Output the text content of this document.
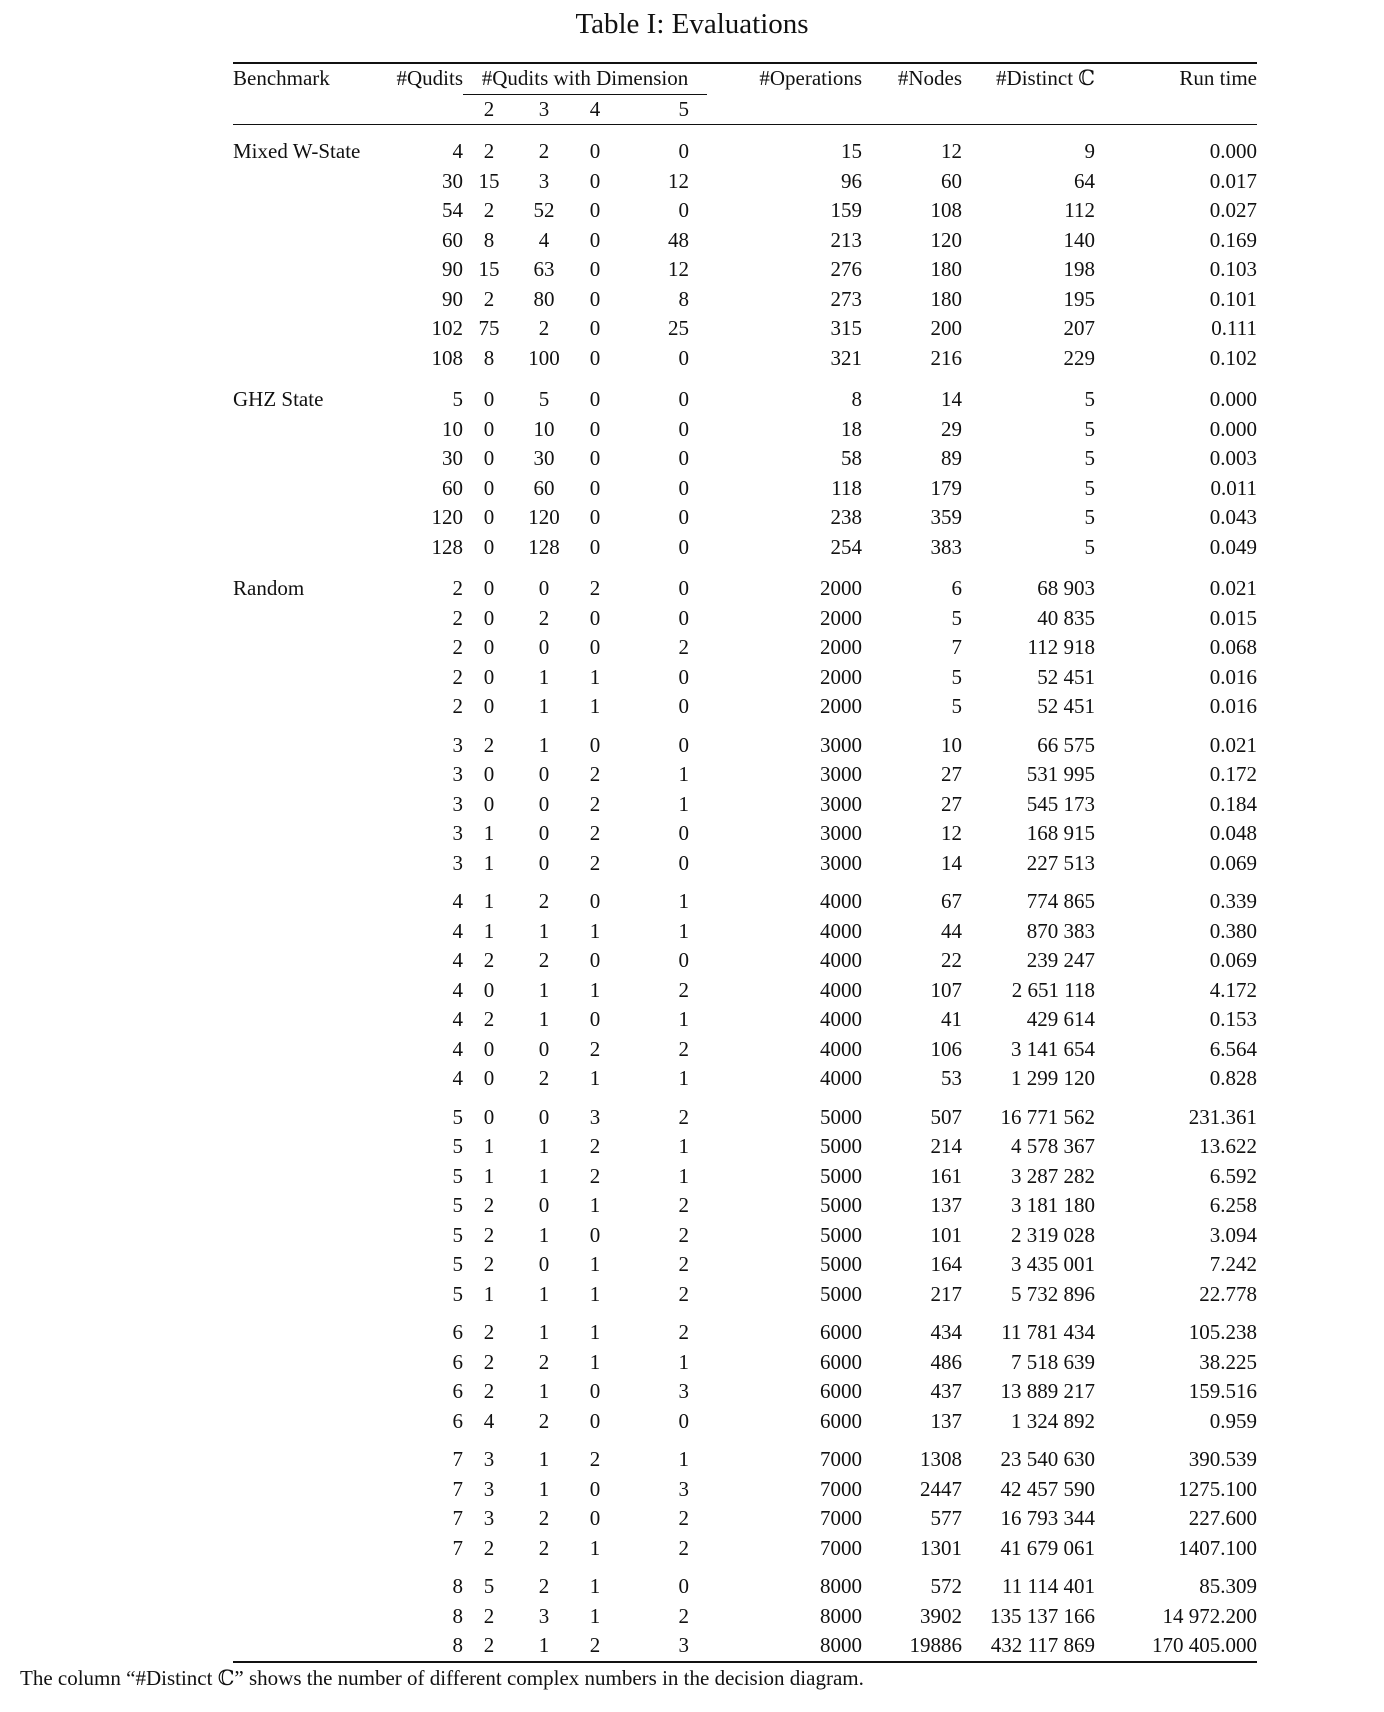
Table I: Evaluations
Benchmark	#Qudits	#Qudits with Dimension				#Operations	#Nodes	#Distinct ℂ	Run time
		2	3	4	5				
Mixed W-State	4	2	2	0	0	15	12	9	0.000
	30	15	3	0	12	96	60	64	0.017
	54	2	52	0	0	159	108	112	0.027
	60	8	4	0	48	213	120	140	0.169
	90	15	63	0	12	276	180	198	0.103
	90	2	80	0	8	273	180	195	0.101
	102	75	2	0	25	315	200	207	0.111
	108	8	100	0	0	321	216	229	0.102
GHZ State	5	0	5	0	0	8	14	5	0.000
	10	0	10	0	0	18	29	5	0.000
	30	0	30	0	0	58	89	5	0.003
	60	0	60	0	0	118	179	5	0.011
	120	0	120	0	0	238	359	5	0.043
	128	0	128	0	0	254	383	5	0.049
Random	2	0	0	2	0	2000	6	68 903	0.021
	2	0	2	0	0	2000	5	40 835	0.015
	2	0	0	0	2	2000	7	112 918	0.068
	2	0	1	1	0	2000	5	52 451	0.016
	2	0	1	1	0	2000	5	52 451	0.016
	3	2	1	0	0	3000	10	66 575	0.021
	3	0	0	2	1	3000	27	531 995	0.172
	3	0	0	2	1	3000	27	545 173	0.184
	3	1	0	2	0	3000	12	168 915	0.048
	3	1	0	2	0	3000	14	227 513	0.069
	4	1	2	0	1	4000	67	774 865	0.339
	4	1	1	1	1	4000	44	870 383	0.380
	4	2	2	0	0	4000	22	239 247	0.069
	4	0	1	1	2	4000	107	2 651 118	4.172
	4	2	1	0	1	4000	41	429 614	0.153
	4	0	0	2	2	4000	106	3 141 654	6.564
	4	0	2	1	1	4000	53	1 299 120	0.828
	5	0	0	3	2	5000	507	16 771 562	231.361
	5	1	1	2	1	5000	214	4 578 367	13.622
	5	1	1	2	1	5000	161	3 287 282	6.592
	5	2	0	1	2	5000	137	3 181 180	6.258
	5	2	1	0	2	5000	101	2 319 028	3.094
	5	2	0	1	2	5000	164	3 435 001	7.242
	5	1	1	1	2	5000	217	5 732 896	22.778
	6	2	1	1	2	6000	434	11 781 434	105.238
	6	2	2	1	1	6000	486	7 518 639	38.225
	6	2	1	0	3	6000	437	13 889 217	159.516
	6	4	2	0	0	6000	137	1 324 892	0.959
	7	3	1	2	1	7000	1308	23 540 630	390.539
	7	3	1	0	3	7000	2447	42 457 590	1275.100
	7	3	2	0	2	7000	577	16 793 344	227.600
	7	2	2	1	2	7000	1301	41 679 061	1407.100
	8	5	2	1	0	8000	572	11 114 401	85.309
	8	2	3	1	2	8000	3902	135 137 166	14 972.200
	8	2	1	2	3	8000	19886	432 117 869	170 405.000
The column “#Distinct ℂ” shows the number of different complex numbers in the decision diagram.
